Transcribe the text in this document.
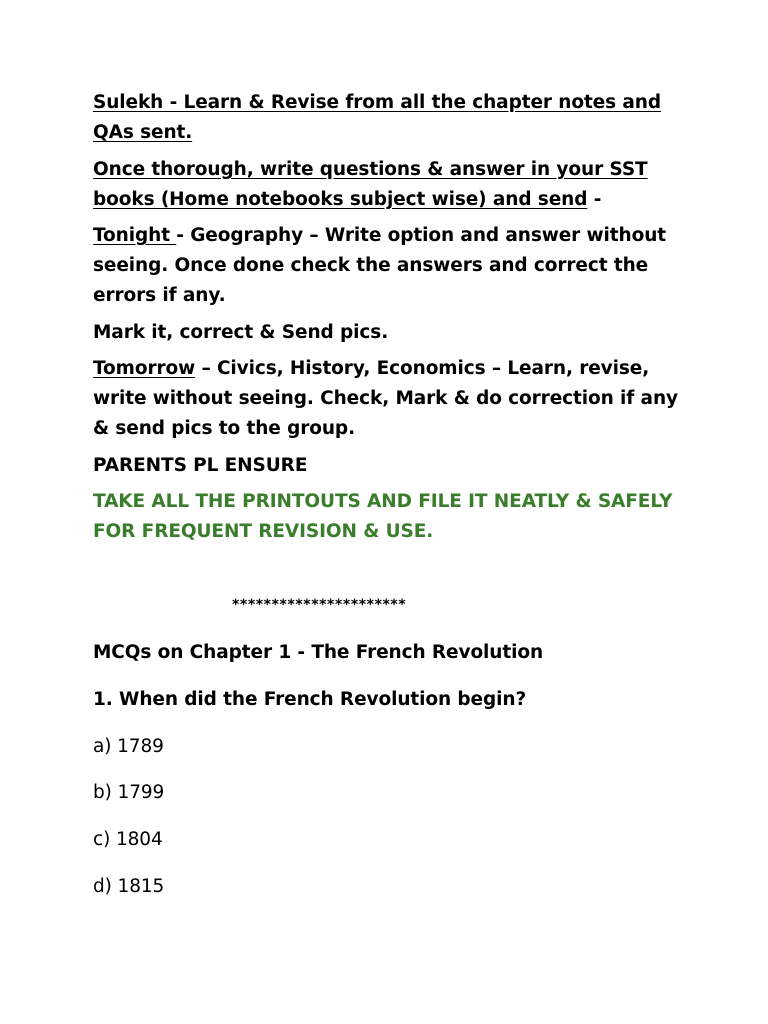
Sulekh - Learn & Revise from all the chapter notes and QAs sent.

Once thorough, write questions & answer in your SST books (Home notebooks subject wise) and send -

Tonight - Geography – Write option and answer without seeing. Once done check the answers and correct the errors if any.

Mark it, correct & Send pics.

Tomorrow – Civics, History, Economics – Learn, revise, write without seeing. Check, Mark & do correction if any & send pics to the group.

PARENTS PL ENSURE

TAKE ALL THE PRINTOUTS AND FILE IT NEATLY & SAFELY FOR FREQUENT REVISION & USE.

**********************

MCQs on Chapter 1 - The French Revolution

1. When did the French Revolution begin?

a) 1789

b) 1799

c) 1804

d) 1815
